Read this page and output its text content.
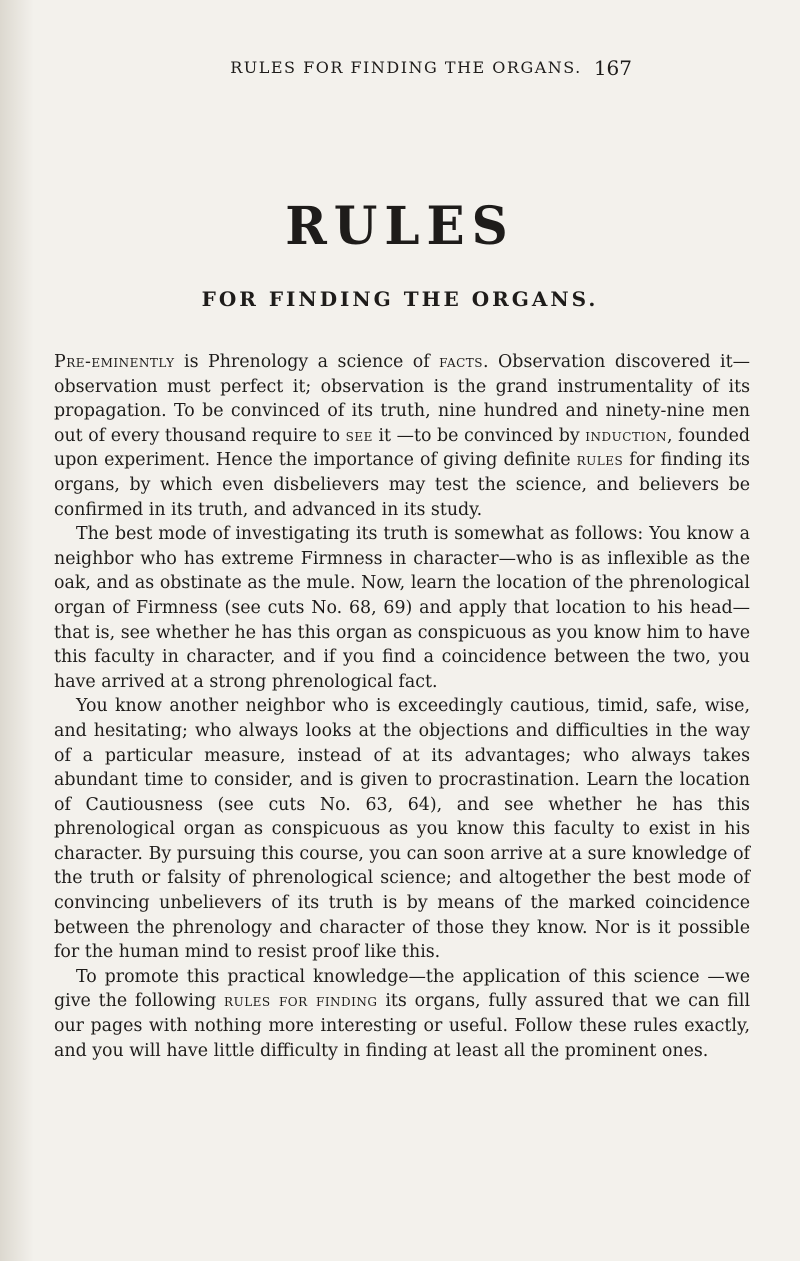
RULES FOR FINDING THE ORGANS. 167
RULES
FOR FINDING THE ORGANS.

Pre-eminently is Phrenology a science of facts. Observation discovered it—observation must perfect it; observation is the grand instrumentality of its propagation. To be convinced of its truth, nine hundred and ninety-nine men out of every thousand require to see it —to be convinced by induction, founded upon experiment. Hence the importance of giving definite rules for finding its organs, by which even disbelievers may test the science, and believers be confirmed in its truth, and advanced in its study.

The best mode of investigating its truth is somewhat as follows: You know a neighbor who has extreme Firmness in character—who is as inflexible as the oak, and as obstinate as the mule. Now, learn the location of the phrenological organ of Firmness (see cuts No. 68, 69) and apply that location to his head—that is, see whether he has this organ as conspicuous as you know him to have this faculty in character, and if you find a coincidence between the two, you have arrived at a strong phrenological fact.

You know another neighbor who is exceedingly cautious, timid, safe, wise, and hesitating; who always looks at the objections and difficulties in the way of a particular measure, instead of at its advantages; who always takes abundant time to consider, and is given to procrastination. Learn the location of Cautiousness (see cuts No. 63, 64), and see whether he has this phrenological organ as conspicuous as you know this faculty to exist in his character. By pursuing this course, you can soon arrive at a sure knowledge of the truth or falsity of phrenological science; and altogether the best mode of convincing unbelievers of its truth is by means of the marked coincidence between the phrenology and character of those they know. Nor is it possible for the human mind to resist proof like this.

To promote this practical knowledge—the application of this science —we give the following rules for finding its organs, fully assured that we can fill our pages with nothing more interesting or useful. Follow these rules exactly, and you will have little difficulty in finding at least all the prominent ones.
